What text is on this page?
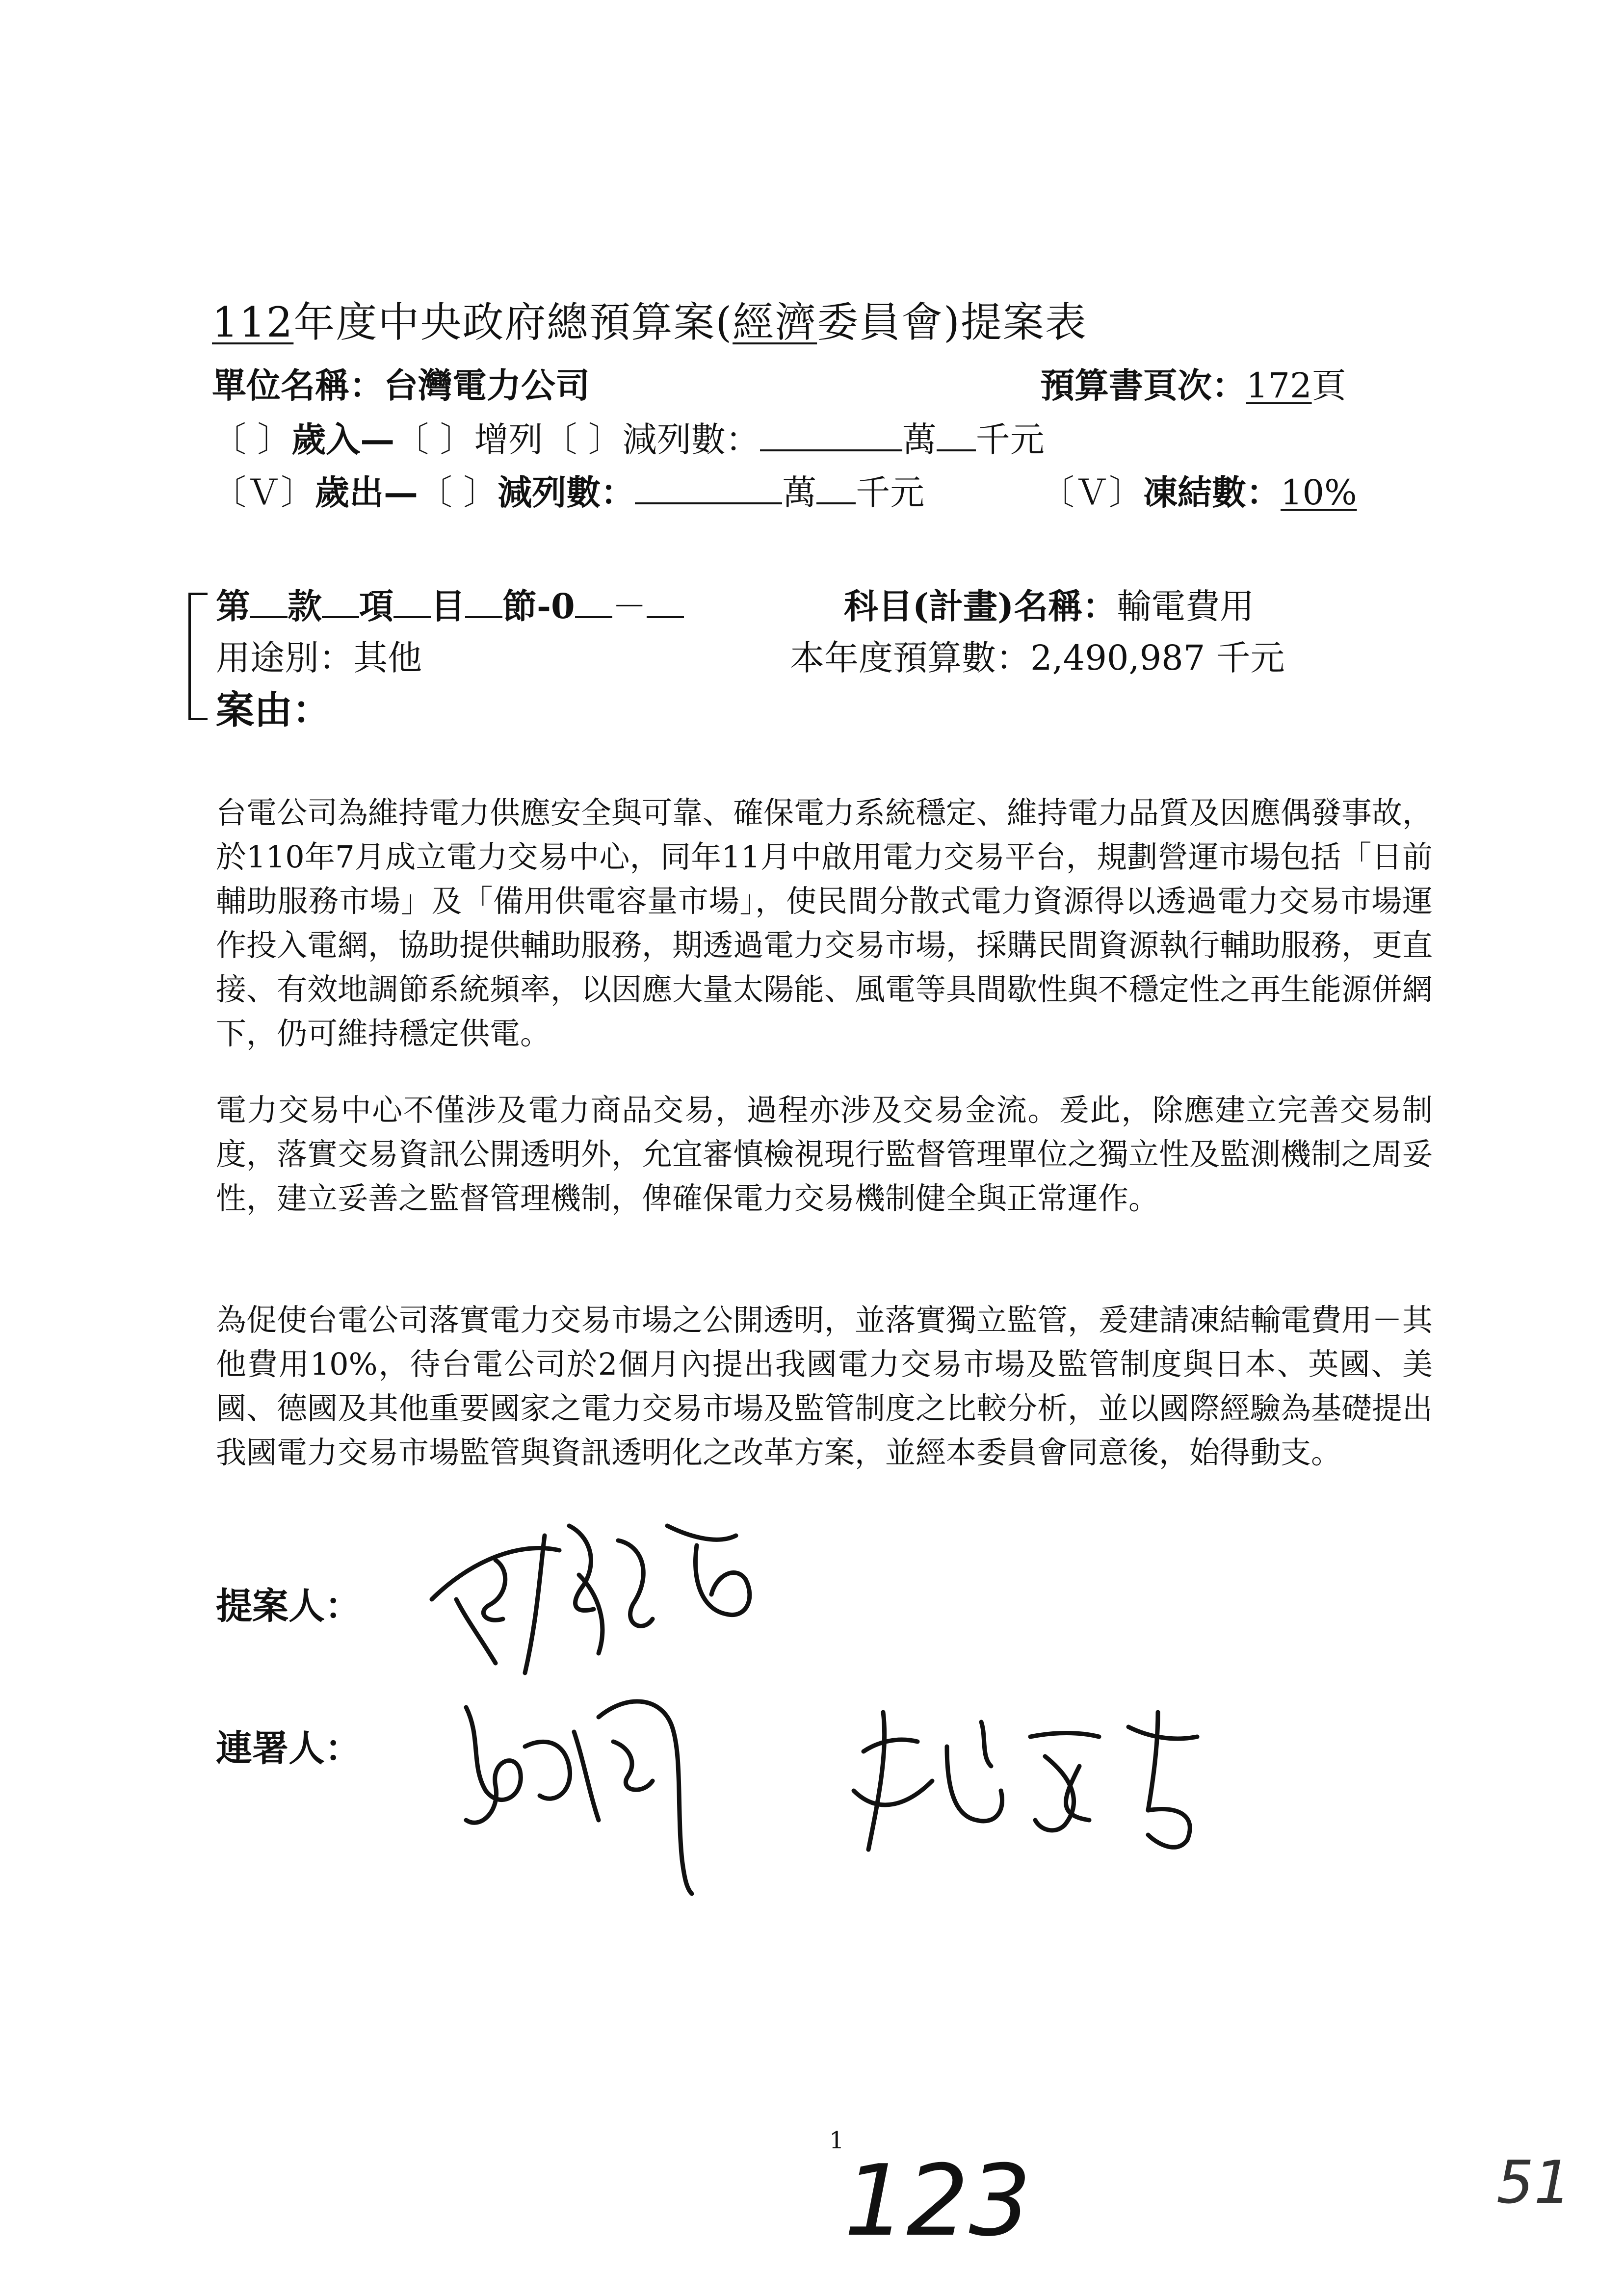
112年度中央政府總預算案(經濟委員會)提案表
單位名稱：台灣電力公司	預算書頁次：172頁
〔 〕歲入—〔 〕增列〔 〕減列數：	萬 千元
〔Ｖ〕歲出—〔 〕減列數：	萬 千元	〔Ｖ〕凍結數：10%
第 款 項 目 節-0 －	科目(計畫)名稱：輸電費用
用途別：其他	本年度預算數：2,490,987 千元
案由：
台電公司為維持電力供應安全與可靠、確保電力系統穩定、維持電力品質及因應偶發事故，於110年7月成立電力交易中心，同年11月中啟用電力交易平台，規劃營運市場包括「日前輔助服務市場」及「備用供電容量市場」，使民間分散式電力資源得以透過電力交易市場運作投入電網，協助提供輔助服務，期透過電力交易市場，採購民間資源執行輔助服務，更直接、有效地調節系統頻率，以因應大量太陽能、風電等具間歇性與不穩定性之再生能源併網下，仍可維持穩定供電。
電力交易中心不僅涉及電力商品交易，過程亦涉及交易金流。爰此，除應建立完善交易制度，落實交易資訊公開透明外，允宜審慎檢視現行監督管理單位之獨立性及監測機制之周妥性，建立妥善之監督管理機制，俾確保電力交易機制健全與正常運作。
為促使台電公司落實電力交易市場之公開透明，並落實獨立監管，爰建請凍結輸電費用－其他費用10%，待台電公司於2個月內提出我國電力交易市場及監管制度與日本、英國、美國、德國及其他重要國家之電力交易市場及監管制度之比較分析，並以國際經驗為基礎提出我國電力交易市場監管與資訊透明化之改革方案，並經本委員會同意後，始得動支。
提案人：
連署人：
1
123	51
